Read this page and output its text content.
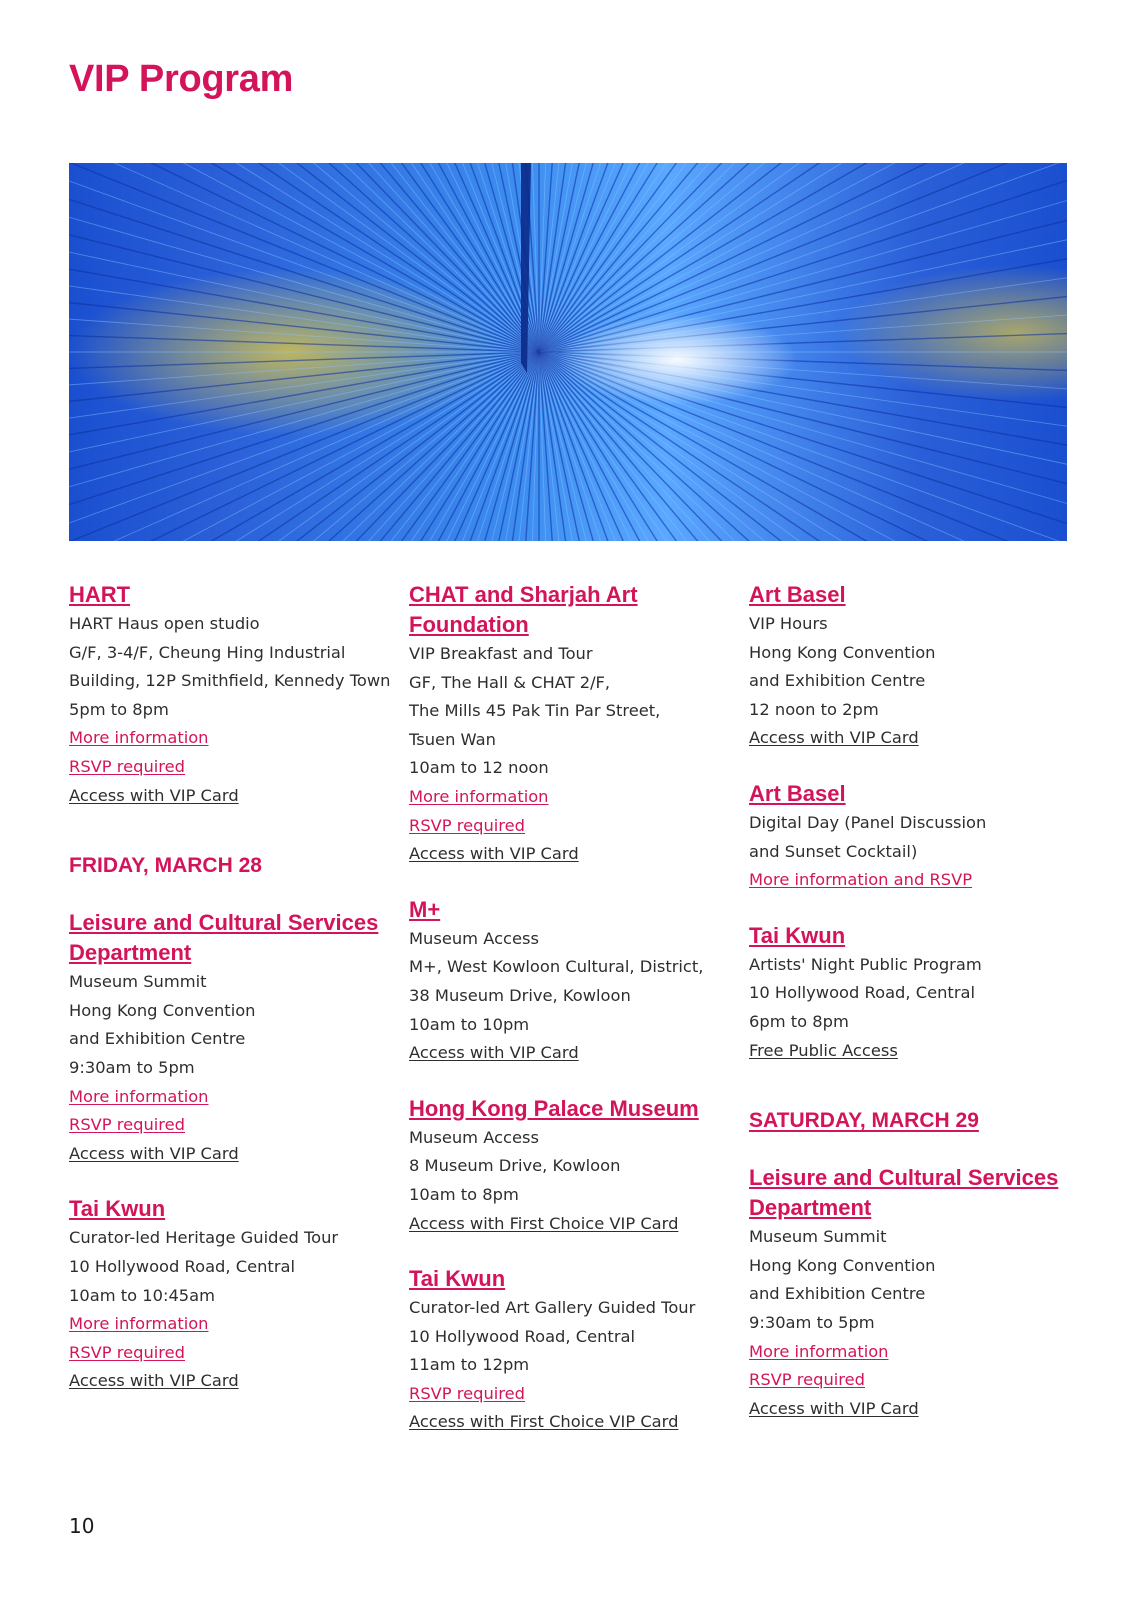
VIP Program
HART
HART Haus open studio
G/F, 3-4/F, Cheung Hing Industrial
Building, 12P Smithfield, Kennedy Town
5pm to 8pm
More information
RSVP required
Access with VIP Card
FRIDAY, MARCH 28
Leisure and Cultural Services
Department
Museum Summit
Hong Kong Convention
and Exhibition Centre
9:30am to 5pm
More information
RSVP required
Access with VIP Card
Tai Kwun
Curator-led Heritage Guided Tour
10 Hollywood Road, Central
10am to 10:45am
More information
RSVP required
Access with VIP Card
CHAT and Sharjah Art
Foundation
VIP Breakfast and Tour
GF, The Hall & CHAT 2/F,
The Mills 45 Pak Tin Par Street,
Tsuen Wan
10am to 12 noon
More information
RSVP required
Access with VIP Card
M+
Museum Access
M+, West Kowloon Cultural, District,
38 Museum Drive, Kowloon
10am to 10pm
Access with VIP Card
Hong Kong Palace Museum
Museum Access
8 Museum Drive, Kowloon
10am to 8pm
Access with First Choice VIP Card
Tai Kwun
Curator-led Art Gallery Guided Tour
10 Hollywood Road, Central
11am to 12pm
RSVP required
Access with First Choice VIP Card
Art Basel
VIP Hours
Hong Kong Convention
and Exhibition Centre
12 noon to 2pm
Access with VIP Card
Art Basel
Digital Day (Panel Discussion
and Sunset Cocktail)
More information and RSVP
Tai Kwun
Artists' Night Public Program
10 Hollywood Road, Central
6pm to 8pm
Free Public Access
SATURDAY, MARCH 29
Leisure and Cultural Services
Department
Museum Summit
Hong Kong Convention
and Exhibition Centre
9:30am to 5pm
More information
RSVP required
Access with VIP Card
10
